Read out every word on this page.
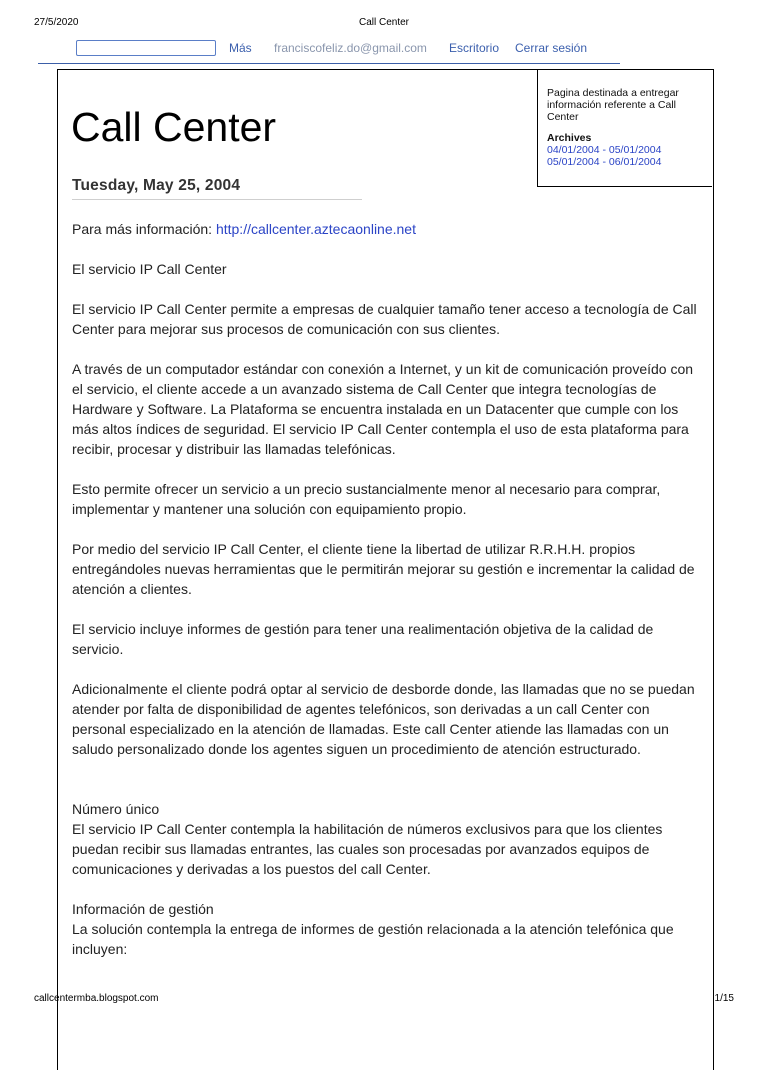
27/5/2020	Call Center
Más franciscofeliz.do@gmail.com Escritorio Cerrar sesión

Pagina destinada a entregar información referente a Call Center

Archives

04/01/2004 - 05/01/2004
05/01/2004 - 06/01/2004
Call Center
Tuesday, May 25, 2004

Para más información: http://callcenter.aztecaonline.net

El servicio IP Call Center

El servicio IP Call Center permite a empresas de cualquier tamaño tener acceso a tecnología de Call Center para mejorar sus procesos de comunicación con sus clientes.

A través de un computador estándar con conexión a Internet, y un kit de comunicación proveído con el servicio, el cliente accede a un avanzado sistema de Call Center que integra tecnologías de Hardware y Software. La Plataforma se encuentra instalada en un Datacenter que cumple con los más altos índices de seguridad. El servicio IP Call Center contempla el uso de esta plataforma para recibir, procesar y distribuir las llamadas telefónicas.

Esto permite ofrecer un servicio a un precio sustancialmente menor al necesario para comprar, implementar y mantener una solución con equipamiento propio.

Por medio del servicio IP Call Center, el cliente tiene la libertad de utilizar R.R.H.H. propios entregándoles nuevas herramientas que le permitirán mejorar su gestión e incrementar la calidad de atención a clientes.

El servicio incluye informes de gestión para tener una realimentación objetiva de la calidad de servicio.

Adicionalmente el cliente podrá optar al servicio de desborde donde, las llamadas que no se puedan atender por falta de disponibilidad de agentes telefónicos, son derivadas a un call Center con personal especializado en la atención de llamadas. Este call Center atiende las llamadas con un saludo personalizado donde los agentes siguen un procedimiento de atención estructurado.

Número único

El servicio IP Call Center contempla la habilitación de números exclusivos para que los clientes puedan recibir sus llamadas entrantes, las cuales son procesadas por avanzados equipos de comunicaciones y derivadas a los puestos del call Center.

Información de gestión

La solución contempla la entrega de informes de gestión relacionada a la atención telefónica que incluyen:

callcentermba.blogspot.com	1/15
